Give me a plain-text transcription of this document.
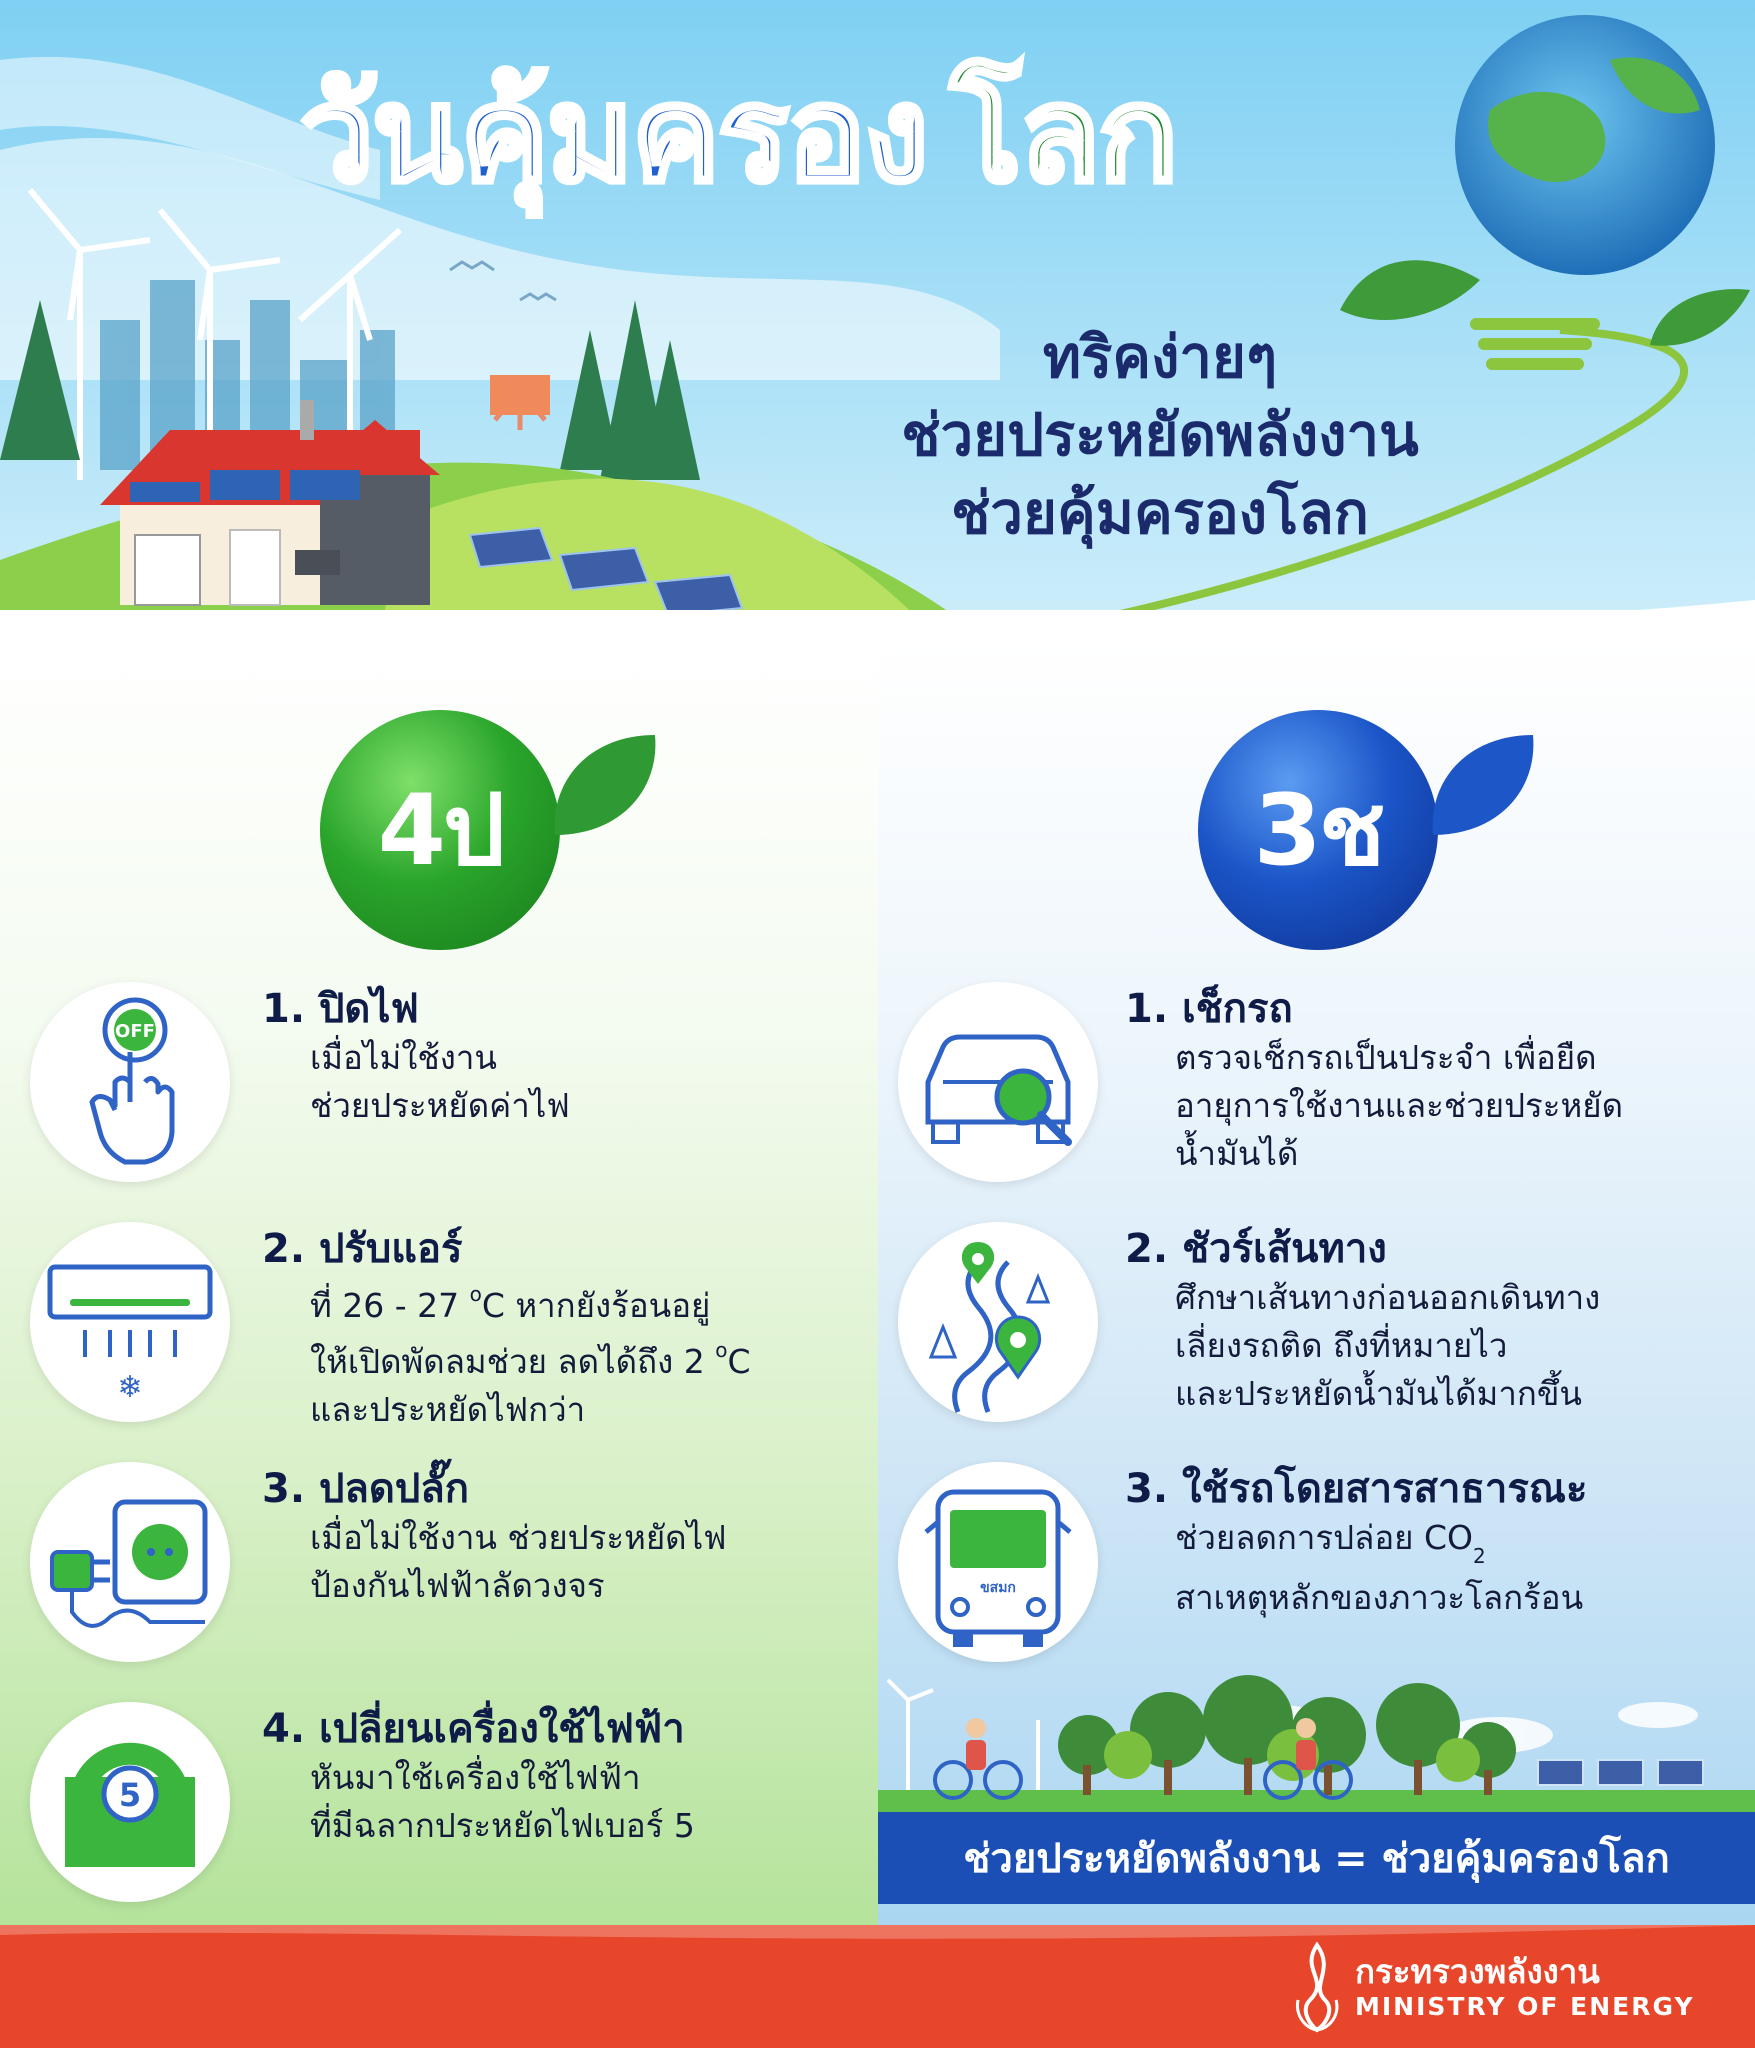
วันคุ้มครอง โลก
ทริคง่ายๆ
ช่วยประหยัดพลังงาน
ช่วยคุ้มครองโลก
4ป	3ช
OFF	1. ปิดไฟ
เมื่อไม่ใช้งาน
ช่วยประหยัดค่าไฟ
❄
2. ปรับแอร์
ที่ 26 - 27 $^o$C หากยังร้อนอยู่
ให้เปิดพัดลมช่วย ลดได้ถึง 2 $^o$C
และประหยัดไฟกว่า
3. ปลดปลั๊ก
เมื่อไม่ใช้งาน ช่วยประหยัดไฟ
ป้องกันไฟฟ้าลัดวงจร
5
4. เปลี่ยนเครื่องใช้ไฟฟ้า
หันมาใช้เครื่องใช้ไฟฟ้า
ที่มีฉลากประหยัดไฟเบอร์ 5
1. เช็กรถ
ตรวจเช็กรถเป็นประจำ เพื่อยืด
อายุการใช้งานและช่วยประหยัด
น้ำมันได้
2. ชัวร์เส้นทาง
ศึกษาเส้นทางก่อนออกเดินทาง
เลี่ยงรถติด ถึงที่หมายไว
และประหยัดน้ำมันได้มากขึ้น
ขสมก
3. ใช้รถโดยสารสาธารณะ
ช่วยลดการปล่อย $CO_2$
สาเหตุหลักของภาวะโลกร้อน
ช่วยประหยัดพลังงาน = ช่วยคุ้มครองโลก
กระทรวงพลังงาน
MINISTRY OF ENERGY
